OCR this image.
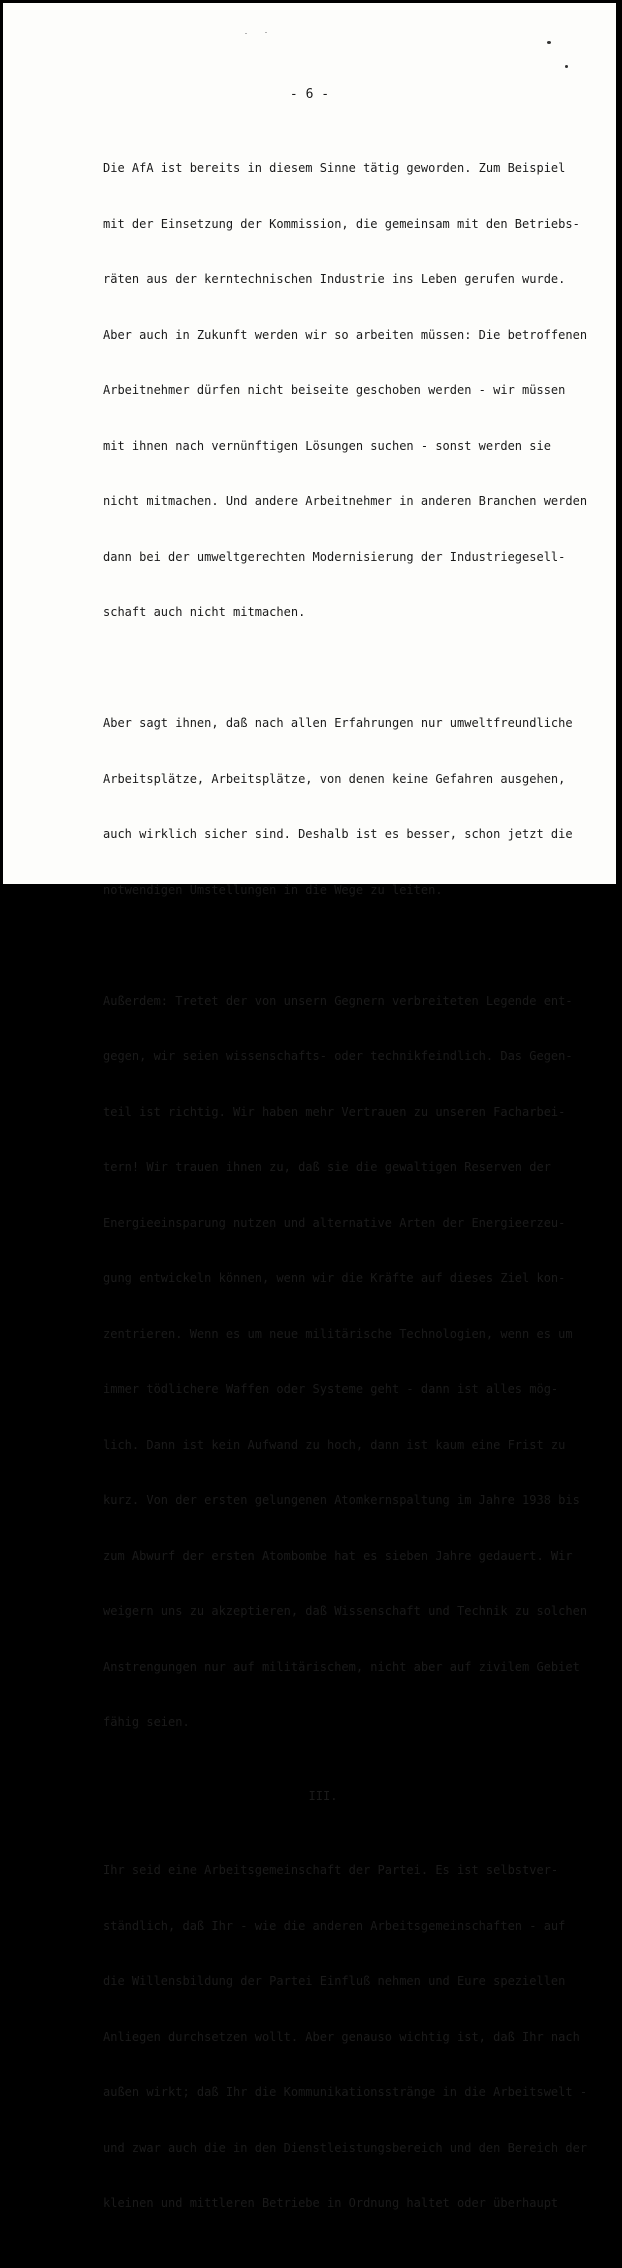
- 6 -

Die AfA ist bereits in diesem Sinne tätig geworden. Zum Beispiel

mit der Einsetzung der Kommission, die gemeinsam mit den Betriebs-

räten aus der kerntechnischen Industrie ins Leben gerufen wurde.

Aber auch in Zukunft werden wir so arbeiten müssen: Die betroffenen

Arbeitnehmer dürfen nicht beiseite geschoben werden - wir müssen

mit ihnen nach vernünftigen Lösungen suchen - sonst werden sie

nicht mitmachen. Und andere Arbeitnehmer in anderen Branchen werden

dann bei der umweltgerechten Modernisierung der Industriegesell-

schaft auch nicht mitmachen.

Aber sagt ihnen, daß nach allen Erfahrungen nur umweltfreundliche

Arbeitsplätze, Arbeitsplätze, von denen keine Gefahren ausgehen,

auch wirklich sicher sind. Deshalb ist es besser, schon jetzt die

notwendigen Umstellungen in die Wege zu leiten.

Außerdem: Tretet der von unsern Gegnern verbreiteten Legende ent-

gegen, wir seien wissenschafts- oder technikfeindlich. Das Gegen-

teil ist richtig. Wir haben mehr Vertrauen zu unseren Facharbei-

tern! Wir trauen ihnen zu, daß sie die gewaltigen Reserven der

Energieeinsparung nutzen und alternative Arten der Energieerzeu-

gung entwickeln können, wenn wir die Kräfte auf dieses Ziel kon-

zentrieren. Wenn es um neue militärische Technologien, wenn es um

immer tödlichere Waffen oder Systeme geht - dann ist alles mög-

lich. Dann ist kein Aufwand zu hoch, dann ist kaum eine Frist zu

kurz. Von der ersten gelungenen Atomkernspaltung im Jahre 1938 bis

zum Abwurf der ersten Atombombe hat es sieben Jahre gedauert. Wir

weigern uns zu akzeptieren, daß Wissenschaft und Technik zu solchen

Anstrengungen nur auf militärischem, nicht aber auf zivilem Gebiet

fähig seien.

III.

Ihr seid eine Arbeitsgemeinschaft der Partei. Es ist selbstver-

ständlich, daß Ihr - wie die anderen Arbeitsgemeinschaften - auf

die Willensbildung der Partei Einfluß nehmen und Eure speziellen

Anliegen durchsetzen wollt. Aber genauso wichtig ist, daß Ihr nach

außen wirkt; daß Ihr die Kommunikationsstränge in die Arbeitswelt -

und zwar auch die in den Dienstleistungsbereich und den Bereich der

kleinen und mittleren Betriebe in Ordnung haltet oder überhaupt
